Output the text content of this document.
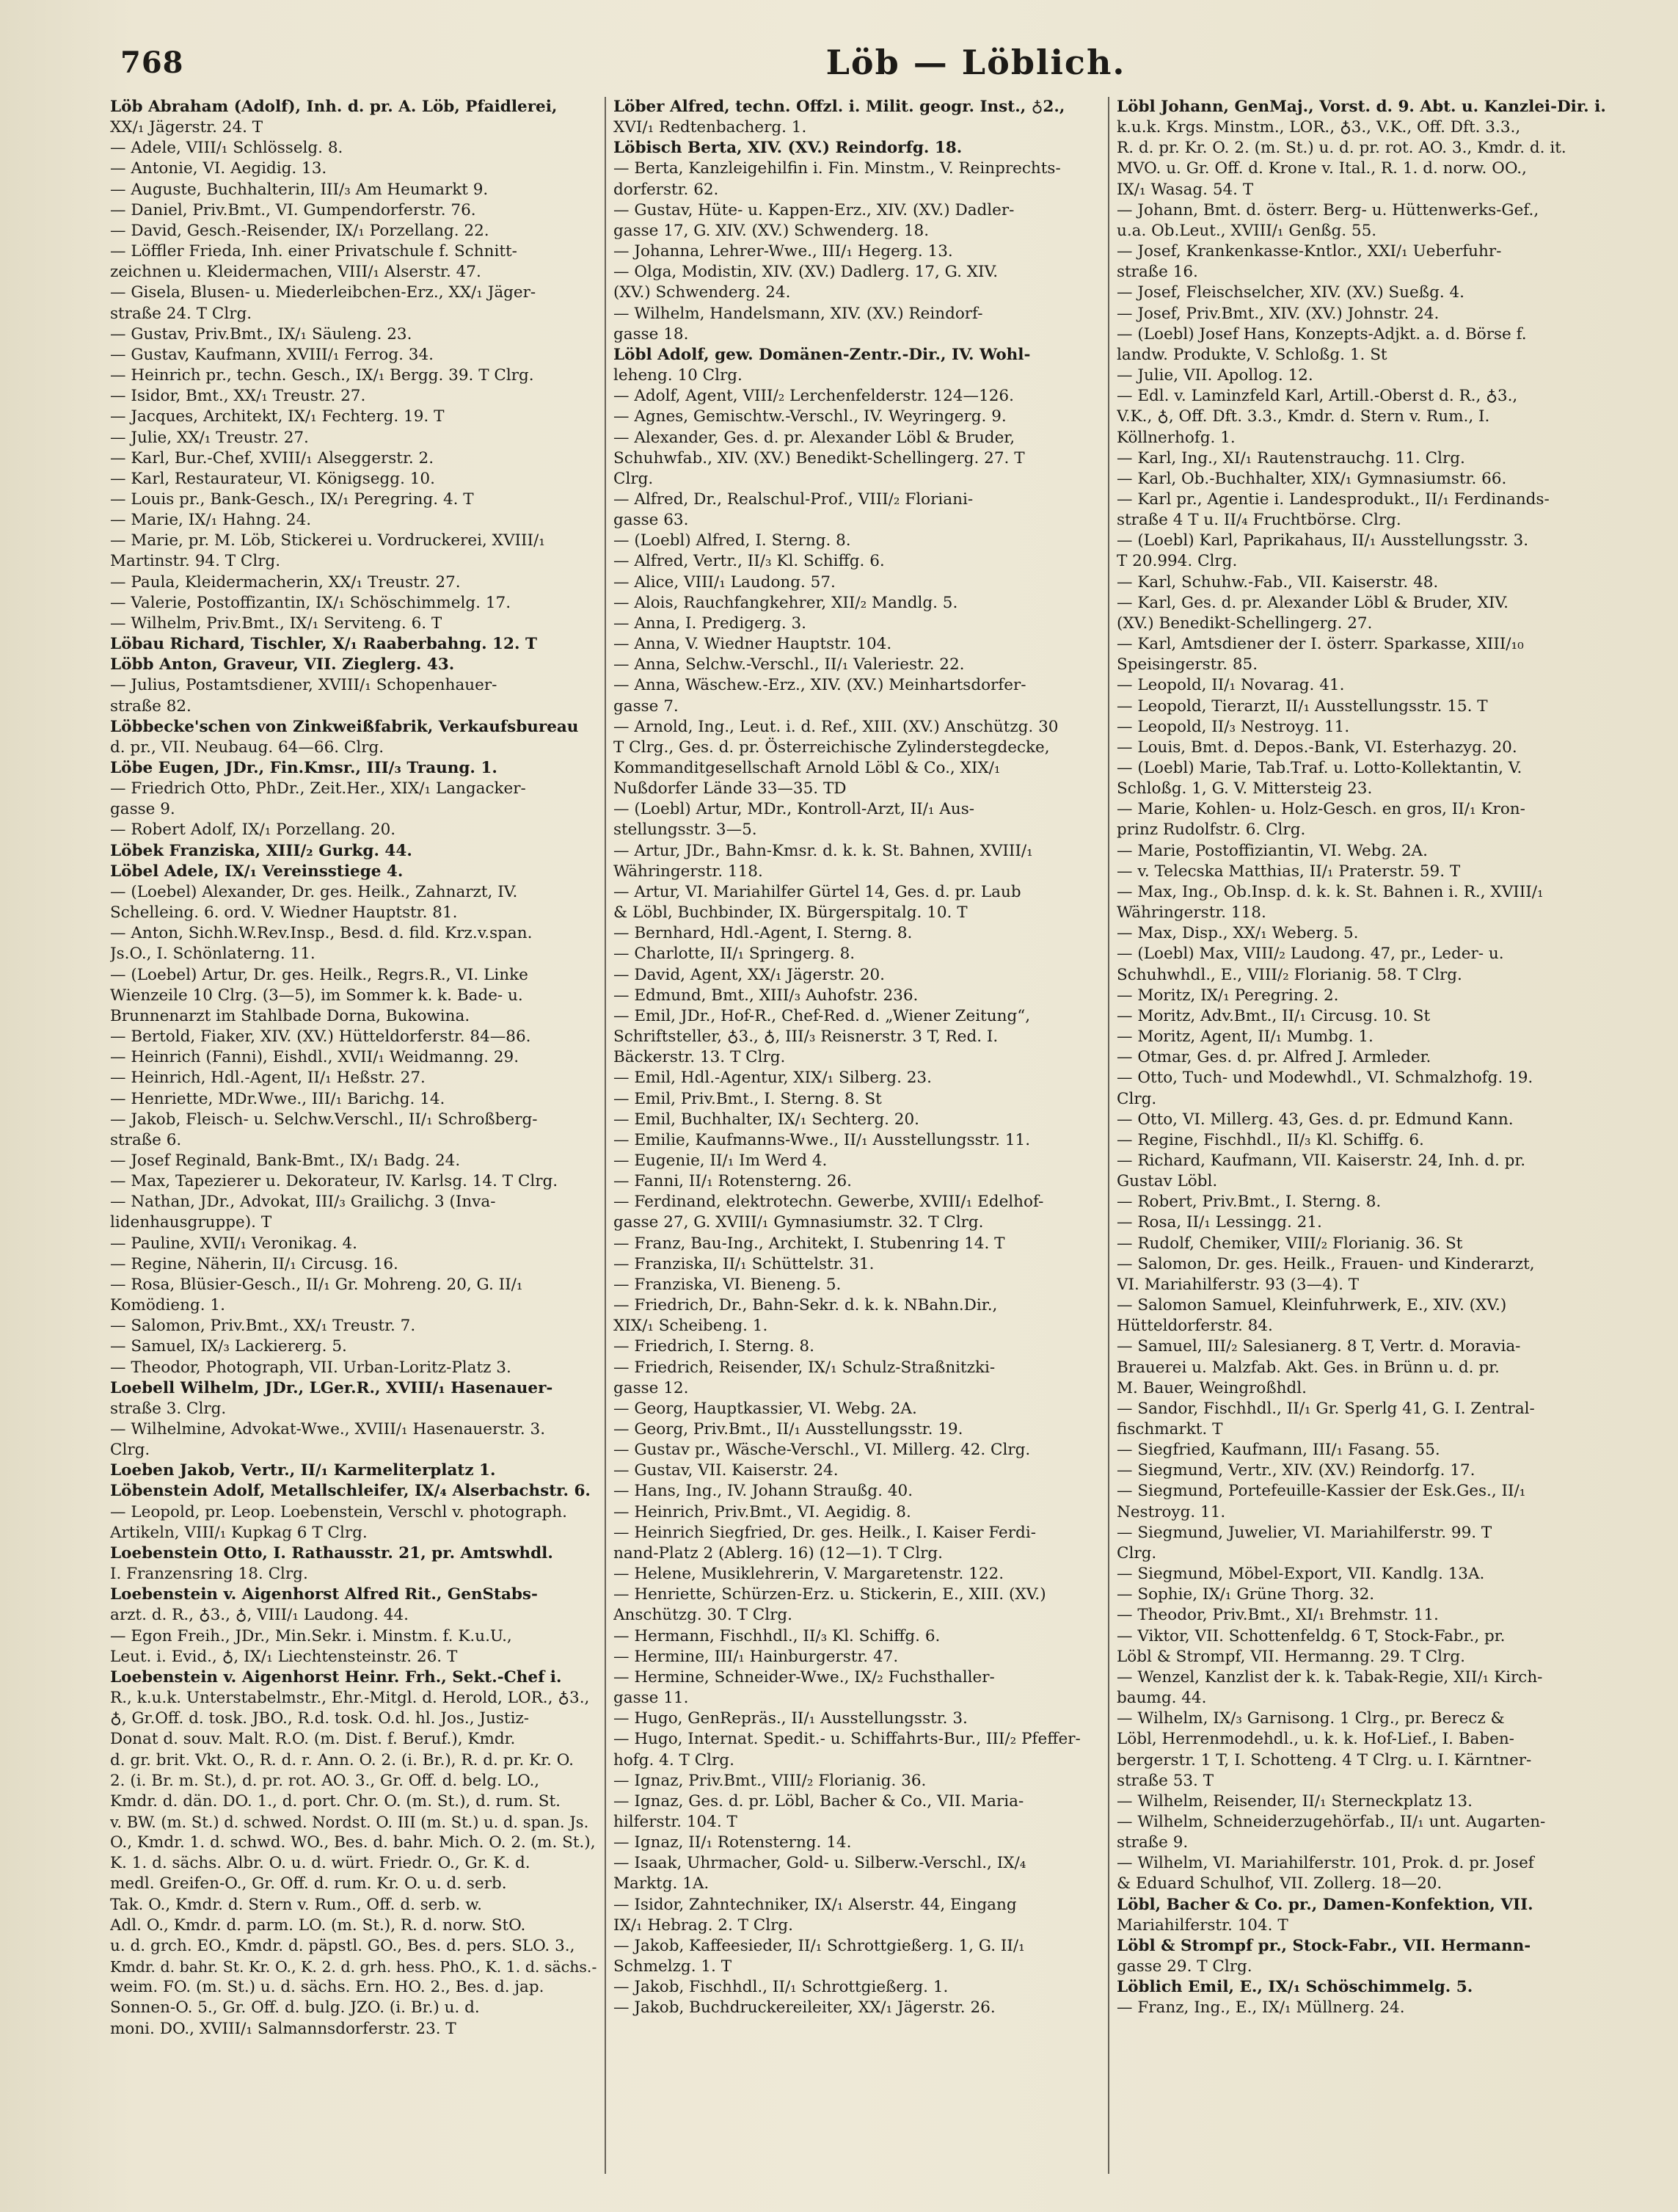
768	Löb — Löblich.

Löb Abraham (Adolf), Inh. d. pr. A. Löb, Pfaidlerei,

XX/₁ Jägerstr. 24. T

— Adele, VIII/₁ Schlösselg. 8.

— Antonie, VI. Aegidig. 13.

— Auguste, Buchhalterin, III/₃ Am Heumarkt 9.

— Daniel, Priv.Bmt., VI. Gumpendorferstr. 76.

— David, Gesch.-Reisender, IX/₁ Porzellang. 22.

— Löffler Frieda, Inh. einer Privatschule f. Schnitt-

zeichnen u. Kleidermachen, VIII/₁ Alserstr. 47.

— Gisela, Blusen- u. Miederleibchen-Erz., XX/₁ Jäger-

straße 24. T Clrg.

— Gustav, Priv.Bmt., IX/₁ Säuleng. 23.

— Gustav, Kaufmann, XVIII/₁ Ferrog. 34.

— Heinrich pr., techn. Gesch., IX/₁ Bergg. 39. T Clrg.

— Isidor, Bmt., XX/₁ Treustr. 27.

— Jacques, Architekt, IX/₁ Fechterg. 19. T

— Julie, XX/₁ Treustr. 27.

— Karl, Bur.-Chef, XVIII/₁ Alseggerstr. 2.

— Karl, Restaurateur, VI. Königsegg. 10.

— Louis pr., Bank-Gesch., IX/₁ Peregring. 4. T

— Marie, IX/₁ Hahng. 24.

— Marie, pr. M. Löb, Stickerei u. Vordruckerei, XVIII/₁

Martinstr. 94. T Clrg.

— Paula, Kleidermacherin, XX/₁ Treustr. 27.

— Valerie, Postoffizantin, IX/₁ Schöschimmelg. 17.

— Wilhelm, Priv.Bmt., IX/₁ Serviteng. 6. T

Löbau Richard, Tischler, X/₁ Raaberbahng. 12. T

Löbb Anton, Graveur, VII. Zieglerg. 43.

— Julius, Postamtsdiener, XVIII/₁ Schopenhauer-

straße 82.

Löbbecke'schen von Zinkweißfabrik, Verkaufsbureau

d. pr., VII. Neubaug. 64—66. Clrg.

Löbe Eugen, JDr., Fin.Kmsr., III/₃ Traung. 1.

— Friedrich Otto, PhDr., Zeit.Her., XIX/₁ Langacker-

gasse 9.

— Robert Adolf, IX/₁ Porzellang. 20.

Löbek Franziska, XIII/₂ Gurkg. 44.

Löbel Adele, IX/₁ Vereinsstiege 4.

— (Loebel) Alexander, Dr. ges. Heilk., Zahnarzt, IV.

Schelleing. 6. ord. V. Wiedner Hauptstr. 81.

— Anton, Sichh.W.Rev.Insp., Besd. d. fild. Krz.v.span.

Js.O., I. Schönlaterng. 11.

— (Loebel) Artur, Dr. ges. Heilk., Regrs.R., VI. Linke

Wienzeile 10 Clrg. (3—5), im Sommer k. k. Bade- u.

Brunnenarzt im Stahlbade Dorna, Bukowina.

— Bertold, Fiaker, XIV. (XV.) Hütteldorferstr. 84—86.

— Heinrich (Fanni), Eishdl., XVII/₁ Weidmanng. 29.

— Heinrich, Hdl.-Agent, II/₁ Heßstr. 27.

— Henriette, MDr.Wwe., III/₁ Barichg. 14.

— Jakob, Fleisch- u. Selchw.Verschl., II/₁ Schroßberg-

straße 6.

— Josef Reginald, Bank-Bmt., IX/₁ Badg. 24.

— Max, Tapezierer u. Dekorateur, IV. Karlsg. 14. T Clrg.

— Nathan, JDr., Advokat, III/₃ Grailichg. 3 (Inva-

lidenhausgruppe). T

— Pauline, XVII/₁ Veronikag. 4.

— Regine, Näherin, II/₁ Circusg. 16.

— Rosa, Blüsier-Gesch., II/₁ Gr. Mohreng. 20, G. II/₁

Komödieng. 1.

— Salomon, Priv.Bmt., XX/₁ Treustr. 7.

— Samuel, IX/₃ Lackiererg. 5.

— Theodor, Photograph, VII. Urban-Loritz-Platz 3.

Loebell Wilhelm, JDr., LGer.R., XVIII/₁ Hasenauer-

straße 3. Clrg.

— Wilhelmine, Advokat-Wwe., XVIII/₁ Hasenauerstr. 3.

Clrg.

Loeben Jakob, Vertr., II/₁ Karmeliterplatz 1.

Löbenstein Adolf, Metallschleifer, IX/₄ Alserbachstr. 6.

— Leopold, pr. Leop. Loebenstein, Verschl v. photograph.

Artikeln, VIII/₁ Kupkag 6 T Clrg.

Loebenstein Otto, I. Rathausstr. 21, pr. Amtswhdl.

I. Franzensring 18. Clrg.

Loebenstein v. Aigenhorst Alfred Rit., GenStabs-

arzt. d. R., ♁3., ♁, VIII/₁ Laudong. 44.

— Egon Freih., JDr., Min.Sekr. i. Minstm. f. K.u.U.,

Leut. i. Evid., ♁, IX/₁ Liechtensteinstr. 26. T

Loebenstein v. Aigenhorst Heinr. Frh., Sekt.-Chef i.

R., k.u.k. Unterstabelmstr., Ehr.-Mitgl. d. Herold, LOR., ♁3.,

♁, Gr.Off. d. tosk. JBO., R.d. tosk. O.d. hl. Jos., Justiz-

Donat d. souv. Malt. R.O. (m. Dist. f. Beruf.), Kmdr.

d. gr. brit. Vkt. O., R. d. r. Ann. O. 2. (i. Br.), R. d. pr. Kr. O.

2. (i. Br. m. St.), d. pr. rot. AO. 3., Gr. Off. d. belg. LO.,

Kmdr. d. dän. DO. 1., d. port. Chr. O. (m. St.), d. rum. St.

v. BW. (m. St.) d. schwed. Nordst. O. III (m. St.) u. d. span. Js.

O., Kmdr. 1. d. schwd. WO., Bes. d. bahr. Mich. O. 2. (m. St.),

K. 1. d. sächs. Albr. O. u. d. würt. Friedr. O., Gr. K. d.

medl. Greifen-O., Gr. Off. d. rum. Kr. O. u. d. serb.

Tak. O., Kmdr. d. Stern v. Rum., Off. d. serb. w.

Adl. O., Kmdr. d. parm. LO. (m. St.), R. d. norw. StO.

u. d. grch. EO., Kmdr. d. päpstl. GO., Bes. d. pers. SLO. 3.,

Kmdr. d. bahr. St. Kr. O., K. 2. d. grh. hess. PhO., K. 1. d. sächs.-

weim. FO. (m. St.) u. d. sächs. Ern. HO. 2., Bes. d. jap.

Sonnen-O. 5., Gr. Off. d. bulg. JZO. (i. Br.) u. d.

moni. DO., XVIII/₁ Salmannsdorferstr. 23. T

Löber Alfred, techn. Offzl. i. Milit. geogr. Inst., ♁2.,

XVI/₁ Redtenbacherg. 1.

Löbisch Berta, XIV. (XV.) Reindorfg. 18.

— Berta, Kanzleigehilfin i. Fin. Minstm., V. Reinprechts-

dorferstr. 62.

— Gustav, Hüte- u. Kappen-Erz., XIV. (XV.) Dadler-

gasse 17, G. XIV. (XV.) Schwenderg. 18.

— Johanna, Lehrer-Wwe., III/₁ Hegerg. 13.

— Olga, Modistin, XIV. (XV.) Dadlerg. 17, G. XIV.

(XV.) Schwenderg. 24.

— Wilhelm, Handelsmann, XIV. (XV.) Reindorf-

gasse 18.

Löbl Adolf, gew. Domänen-Zentr.-Dir., IV. Wohl-

leheng. 10 Clrg.

— Adolf, Agent, VIII/₂ Lerchenfelderstr. 124—126.

— Agnes, Gemischtw.-Verschl., IV. Weyringerg. 9.

— Alexander, Ges. d. pr. Alexander Löbl & Bruder,

Schuhwfab., XIV. (XV.) Benedikt-Schellingerg. 27. T

Clrg.

— Alfred, Dr., Realschul-Prof., VIII/₂ Floriani-

gasse 63.

— (Loebl) Alfred, I. Sterng. 8.

— Alfred, Vertr., II/₃ Kl. Schiffg. 6.

— Alice, VIII/₁ Laudong. 57.

— Alois, Rauchfangkehrer, XII/₂ Mandlg. 5.

— Anna, I. Predigerg. 3.

— Anna, V. Wiedner Hauptstr. 104.

— Anna, Selchw.-Verschl., II/₁ Valeriestr. 22.

— Anna, Wäschew.-Erz., XIV. (XV.) Meinhartsdorfer-

gasse 7.

— Arnold, Ing., Leut. i. d. Ref., XIII. (XV.) Anschützg. 30

T Clrg., Ges. d. pr. Österreichische Zylinderstegdecke,

Kommanditgesellschaft Arnold Löbl & Co., XIX/₁

Nußdorfer Lände 33—35. TD

— (Loebl) Artur, MDr., Kontroll-Arzt, II/₁ Aus-

stellungsstr. 3—5.

— Artur, JDr., Bahn-Kmsr. d. k. k. St. Bahnen, XVIII/₁

Währingerstr. 118.

— Artur, VI. Mariahilfer Gürtel 14, Ges. d. pr. Laub

& Löbl, Buchbinder, IX. Bürgerspitalg. 10. T

— Bernhard, Hdl.-Agent, I. Sterng. 8.

— Charlotte, II/₁ Springerg. 8.

— David, Agent, XX/₁ Jägerstr. 20.

— Edmund, Bmt., XIII/₃ Auhofstr. 236.

— Emil, JDr., Hof-R., Chef-Red. d. „Wiener Zeitung“,

Schriftsteller, ♁3., ♁, III/₃ Reisnerstr. 3 T, Red. I.

Bäckerstr. 13. T Clrg.

— Emil, Hdl.-Agentur, XIX/₁ Silberg. 23.

— Emil, Priv.Bmt., I. Sterng. 8. St

— Emil, Buchhalter, IX/₁ Sechterg. 20.

— Emilie, Kaufmanns-Wwe., II/₁ Ausstellungsstr. 11.

— Eugenie, II/₁ Im Werd 4.

— Fanni, II/₁ Rotensterng. 26.

— Ferdinand, elektrotechn. Gewerbe, XVIII/₁ Edelhof-

gasse 27, G. XVIII/₁ Gymnasiumstr. 32. T Clrg.

— Franz, Bau-Ing., Architekt, I. Stubenring 14. T

— Franziska, II/₁ Schüttelstr. 31.

— Franziska, VI. Bieneng. 5.

— Friedrich, Dr., Bahn-Sekr. d. k. k. NBahn.Dir.,

XIX/₁ Scheibeng. 1.

— Friedrich, I. Sterng. 8.

— Friedrich, Reisender, IX/₁ Schulz-Straßnitzki-

gasse 12.

— Georg, Hauptkassier, VI. Webg. 2A.

— Georg, Priv.Bmt., II/₁ Ausstellungsstr. 19.

— Gustav pr., Wäsche-Verschl., VI. Millerg. 42. Clrg.

— Gustav, VII. Kaiserstr. 24.

— Hans, Ing., IV. Johann Straußg. 40.

— Heinrich, Priv.Bmt., VI. Aegidig. 8.

— Heinrich Siegfried, Dr. ges. Heilk., I. Kaiser Ferdi-

nand-Platz 2 (Ablerg. 16) (12—1). T Clrg.

— Helene, Musiklehrerin, V. Margaretenstr. 122.

— Henriette, Schürzen-Erz. u. Stickerin, E., XIII. (XV.)

Anschützg. 30. T Clrg.

— Hermann, Fischhdl., II/₃ Kl. Schiffg. 6.

— Hermine, III/₁ Hainburgerstr. 47.

— Hermine, Schneider-Wwe., IX/₂ Fuchsthaller-

gasse 11.

— Hugo, GenRepräs., II/₁ Ausstellungsstr. 3.

— Hugo, Internat. Spedit.- u. Schiffahrts-Bur., III/₂ Pfeffer-

hofg. 4. T Clrg.

— Ignaz, Priv.Bmt., VIII/₂ Florianig. 36.

— Ignaz, Ges. d. pr. Löbl, Bacher & Co., VII. Maria-

hilferstr. 104. T

— Ignaz, II/₁ Rotensterng. 14.

— Isaak, Uhrmacher, Gold- u. Silberw.-Verschl., IX/₄

Marktg. 1A.

— Isidor, Zahntechniker, IX/₁ Alserstr. 44, Eingang

IX/₁ Hebrag. 2. T Clrg.

— Jakob, Kaffeesieder, II/₁ Schrottgießerg. 1, G. II/₁

Schmelzg. 1. T

— Jakob, Fischhdl., II/₁ Schrottgießerg. 1.

— Jakob, Buchdruckereileiter, XX/₁ Jägerstr. 26.

Löbl Johann, GenMaj., Vorst. d. 9. Abt. u. Kanzlei-Dir. i.

k.u.k. Krgs. Minstm., LOR., ♁3., V.K., Off. Dft. 3.3.,

R. d. pr. Kr. O. 2. (m. St.) u. d. pr. rot. AO. 3., Kmdr. d. it.

MVO. u. Gr. Off. d. Krone v. Ital., R. 1. d. norw. OO.,

IX/₁ Wasag. 54. T

— Johann, Bmt. d. österr. Berg- u. Hüttenwerks-Gef.,

u.a. Ob.Leut., XVIII/₁ Genßg. 55.

— Josef, Krankenkasse-Kntlor., XXI/₁ Ueberfuhr-

straße 16.

— Josef, Fleischselcher, XIV. (XV.) Sueßg. 4.

— Josef, Priv.Bmt., XIV. (XV.) Johnstr. 24.

— (Loebl) Josef Hans, Konzepts-Adjkt. a. d. Börse f.

landw. Produkte, V. Schloßg. 1. St

— Julie, VII. Apollog. 12.

— Edl. v. Laminzfeld Karl, Artill.-Oberst d. R., ♁3.,

V.K., ♁, Off. Dft. 3.3., Kmdr. d. Stern v. Rum., I.

Köllnerhofg. 1.

— Karl, Ing., XI/₁ Rautenstrauchg. 11. Clrg.

— Karl, Ob.-Buchhalter, XIX/₁ Gymnasiumstr. 66.

— Karl pr., Agentie i. Landesprodukt., II/₁ Ferdinands-

straße 4 T u. II/₄ Fruchtbörse. Clrg.

— (Loebl) Karl, Paprikahaus, II/₁ Ausstellungsstr. 3.

T 20.994. Clrg.

— Karl, Schuhw.-Fab., VII. Kaiserstr. 48.

— Karl, Ges. d. pr. Alexander Löbl & Bruder, XIV.

(XV.) Benedikt-Schellingerg. 27.

— Karl, Amtsdiener der I. österr. Sparkasse, XIII/₁₀

Speisingerstr. 85.

— Leopold, II/₁ Novarag. 41.

— Leopold, Tierarzt, II/₁ Ausstellungsstr. 15. T

— Leopold, II/₃ Nestroyg. 11.

— Louis, Bmt. d. Depos.-Bank, VI. Esterhazyg. 20.

— (Loebl) Marie, Tab.Traf. u. Lotto-Kollektantin, V.

Schloßg. 1, G. V. Mittersteig 23.

— Marie, Kohlen- u. Holz-Gesch. en gros, II/₁ Kron-

prinz Rudolfstr. 6. Clrg.

— Marie, Postoffiziantin, VI. Webg. 2A.

— v. Telecska Matthias, II/₁ Praterstr. 59. T

— Max, Ing., Ob.Insp. d. k. k. St. Bahnen i. R., XVIII/₁

Währingerstr. 118.

— Max, Disp., XX/₁ Weberg. 5.

— (Loebl) Max, VIII/₂ Laudong. 47, pr., Leder- u.

Schuhwhdl., E., VIII/₂ Florianig. 58. T Clrg.

— Moritz, IX/₁ Peregring. 2.

— Moritz, Adv.Bmt., II/₁ Circusg. 10. St

— Moritz, Agent, II/₁ Mumbg. 1.

— Otmar, Ges. d. pr. Alfred J. Armleder.

— Otto, Tuch- und Modewhdl., VI. Schmalzhofg. 19.

Clrg.

— Otto, VI. Millerg. 43, Ges. d. pr. Edmund Kann.

— Regine, Fischhdl., II/₃ Kl. Schiffg. 6.

— Richard, Kaufmann, VII. Kaiserstr. 24, Inh. d. pr.

Gustav Löbl.

— Robert, Priv.Bmt., I. Sterng. 8.

— Rosa, II/₁ Lessingg. 21.

— Rudolf, Chemiker, VIII/₂ Florianig. 36. St

— Salomon, Dr. ges. Heilk., Frauen- und Kinderarzt,

VI. Mariahilferstr. 93 (3—4). T

— Salomon Samuel, Kleinfuhrwerk, E., XIV. (XV.)

Hütteldorferstr. 84.

— Samuel, III/₂ Salesianerg. 8 T, Vertr. d. Moravia-

Brauerei u. Malzfab. Akt. Ges. in Brünn u. d. pr.

M. Bauer, Weingroßhdl.

— Sandor, Fischhdl., II/₁ Gr. Sperlg 41, G. I. Zentral-

fischmarkt. T

— Siegfried, Kaufmann, III/₁ Fasang. 55.

— Siegmund, Vertr., XIV. (XV.) Reindorfg. 17.

— Siegmund, Portefeuille-Kassier der Esk.Ges., II/₁

Nestroyg. 11.

— Siegmund, Juwelier, VI. Mariahilferstr. 99. T

Clrg.

— Siegmund, Möbel-Export, VII. Kandlg. 13A.

— Sophie, IX/₁ Grüne Thorg. 32.

— Theodor, Priv.Bmt., XI/₁ Brehmstr. 11.

— Viktor, VII. Schottenfeldg. 6 T, Stock-Fabr., pr.

Löbl & Strompf, VII. Hermanng. 29. T Clrg.

— Wenzel, Kanzlist der k. k. Tabak-Regie, XII/₁ Kirch-

baumg. 44.

— Wilhelm, IX/₃ Garnisong. 1 Clrg., pr. Berecz &

Löbl, Herrenmodehdl., u. k. k. Hof-Lief., I. Baben-

bergerstr. 1 T, I. Schotteng. 4 T Clrg. u. I. Kärntner-

straße 53. T

— Wilhelm, Reisender, II/₁ Sterneckplatz 13.

— Wilhelm, Schneiderzugehörfab., II/₁ unt. Augarten-

straße 9.

— Wilhelm, VI. Mariahilferstr. 101, Prok. d. pr. Josef

& Eduard Schulhof, VII. Zollerg. 18—20.

Löbl, Bacher & Co. pr., Damen-Konfektion, VII.

Mariahilferstr. 104. T

Löbl & Strompf pr., Stock-Fabr., VII. Hermann-

gasse 29. T Clrg.

Löblich Emil, E., IX/₁ Schöschimmelg. 5.

— Franz, Ing., E., IX/₁ Müllnerg. 24.
